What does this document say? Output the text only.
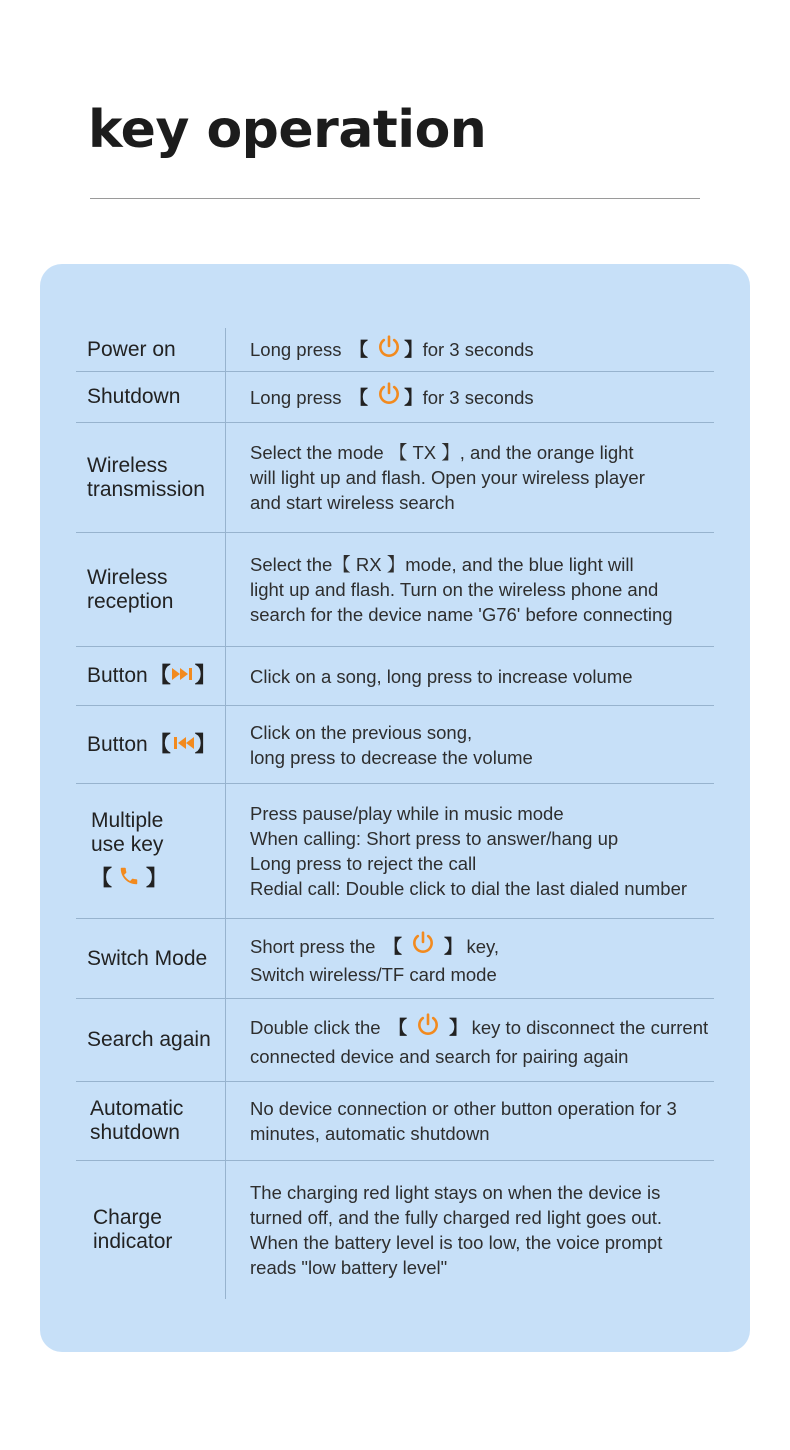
key operation
Power on	Long press 【 】 for 3 seconds
Shutdown	Long press 【 】 for 3 seconds
Wireless
transmission
Select the mode 【 TX 】, and the orange light
will light up and flash. Open your wireless player
and start wireless search
Wireless
reception
Select the【 RX 】mode, and the blue light will
light up and flash. Turn on the wireless phone and
search for the device name 'G76' before connecting
Button 【 】 Click on a song, long press to increase volume
Button 【 】
Click on the previous song,
long press to decrease the volume
Multiple
use key
【 】
Press pause/play while in music mode
When calling: Short press to answer/hang up
Long press to reject the call
Redial call: Double click to dial the last dialed number
Switch Mode
Short press the 【 】 key,
Switch wireless/TF card mode
Search again
Double click the 【 】 key to disconnect the current
connected device and search for pairing again
Automatic
shutdown
No device connection or other button operation for 3
minutes, automatic shutdown
Charge
indicator
The charging red light stays on when the device is
turned off, and the fully charged red light goes out.
When the battery level is too low, the voice prompt
reads "low battery level"
